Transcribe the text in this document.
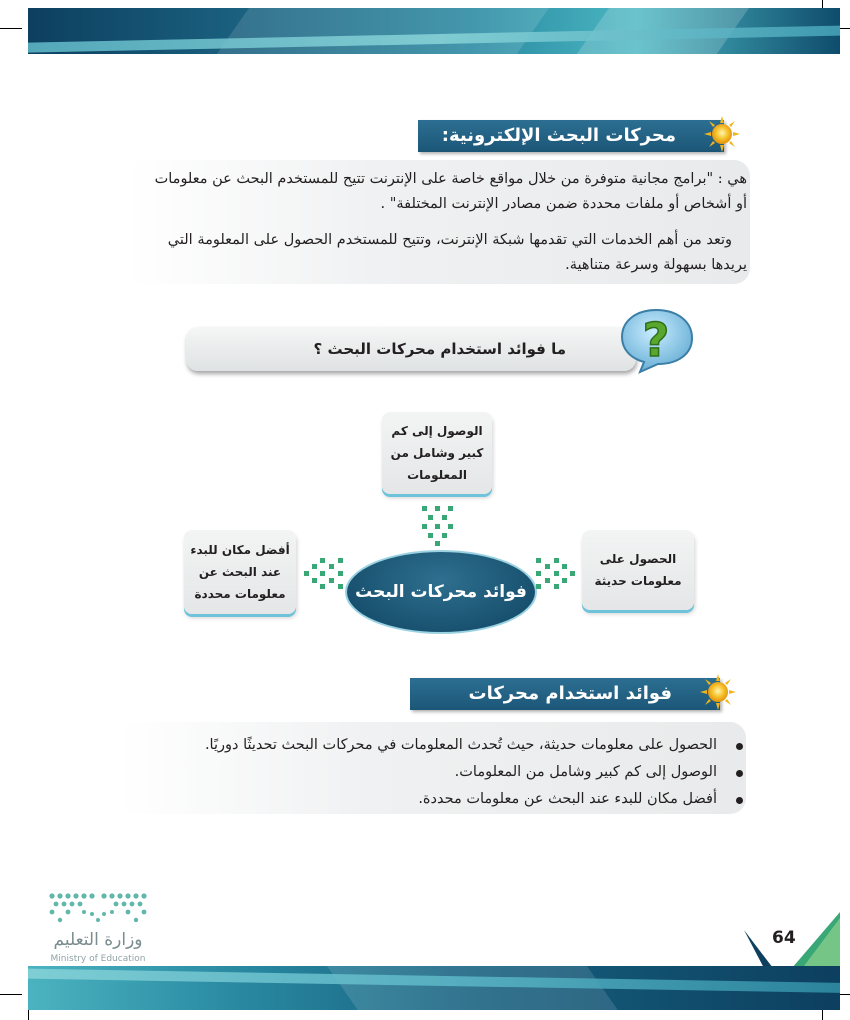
محركات البحث الإلكترونية:
هي : "برامج مجانية متوفرة من خلال مواقع خاصة على الإنترنت تتيح للمستخدم البحث عن معلومات
أو أشخاص أو ملفات محددة ضمن مصادر الإنترنت المختلفة" .
وتعد من أهم الخدمات التي تقدمها شبكة الإنترنت، وتتيح للمستخدم الحصول على المعلومة التي
يريدها بسهولة وسرعة متناهية.
ما فوائد استخدام محركات البحث ؟	?
الوصول إلى كم
كبير وشامل من
المعلومات
أفضل مكان للبدء
عند البحث عن
معلومات محددة
الحصول على
معلومات حديثة
فوائد محركات البحث
فوائد استخدام محركات
الحصول على معلومات حديثة، حيث تُحدث المعلومات في محركات البحث تحديثًا دوريًا.
الوصول إلى كم كبير وشامل من المعلومات.
أفضل مكان للبدء عند البحث عن معلومات محددة.
وزارة التعليم
Ministry of Education
64
